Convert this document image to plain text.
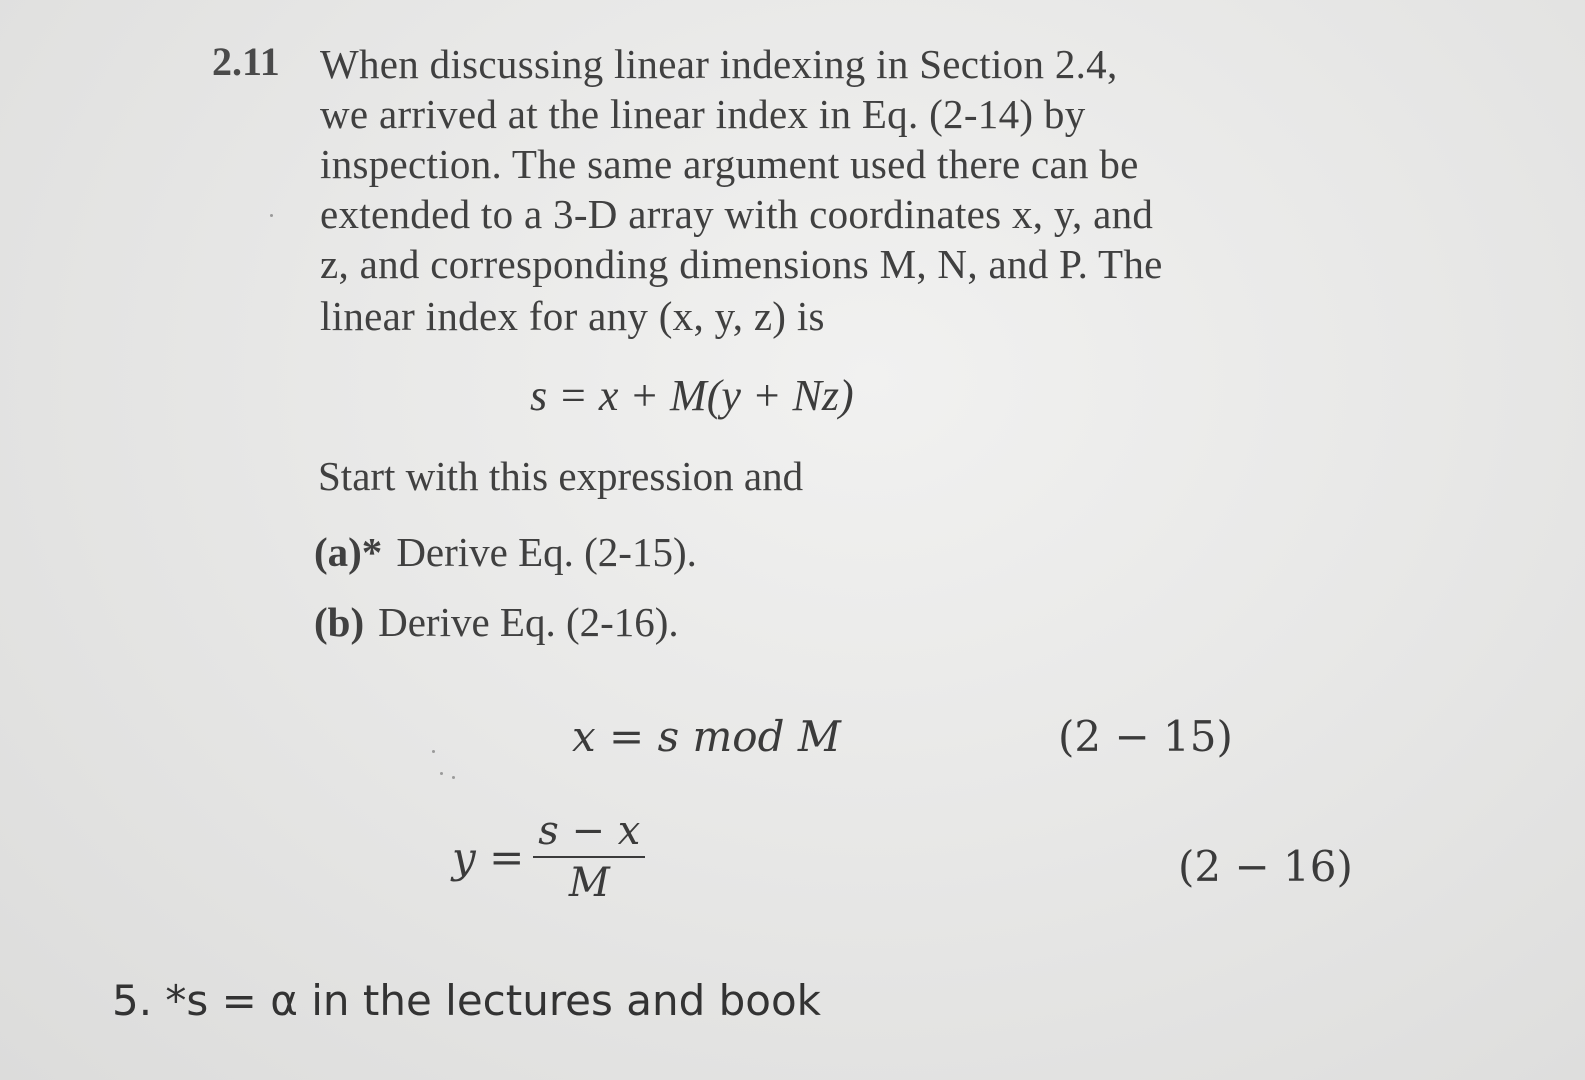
2.11 When discussing linear indexing in Section 2.4,
we arrived at the linear index in Eq. (2-14) by
inspection. The same argument used there can be
extended to a 3-D array with coordinates x, y, and
z, and corresponding dimensions M, N, and P. The
linear index for any (x, y, z) is
s = x + M(y + Nz)
Start with this expression and
(a)* Derive Eq. (2-15).
(b) Derive Eq. (2-16).
x = s mod M	(2 − 15)
$y = \frac{s - x}{M}$	(2 − 16)
5. *s = α in the lectures and book
